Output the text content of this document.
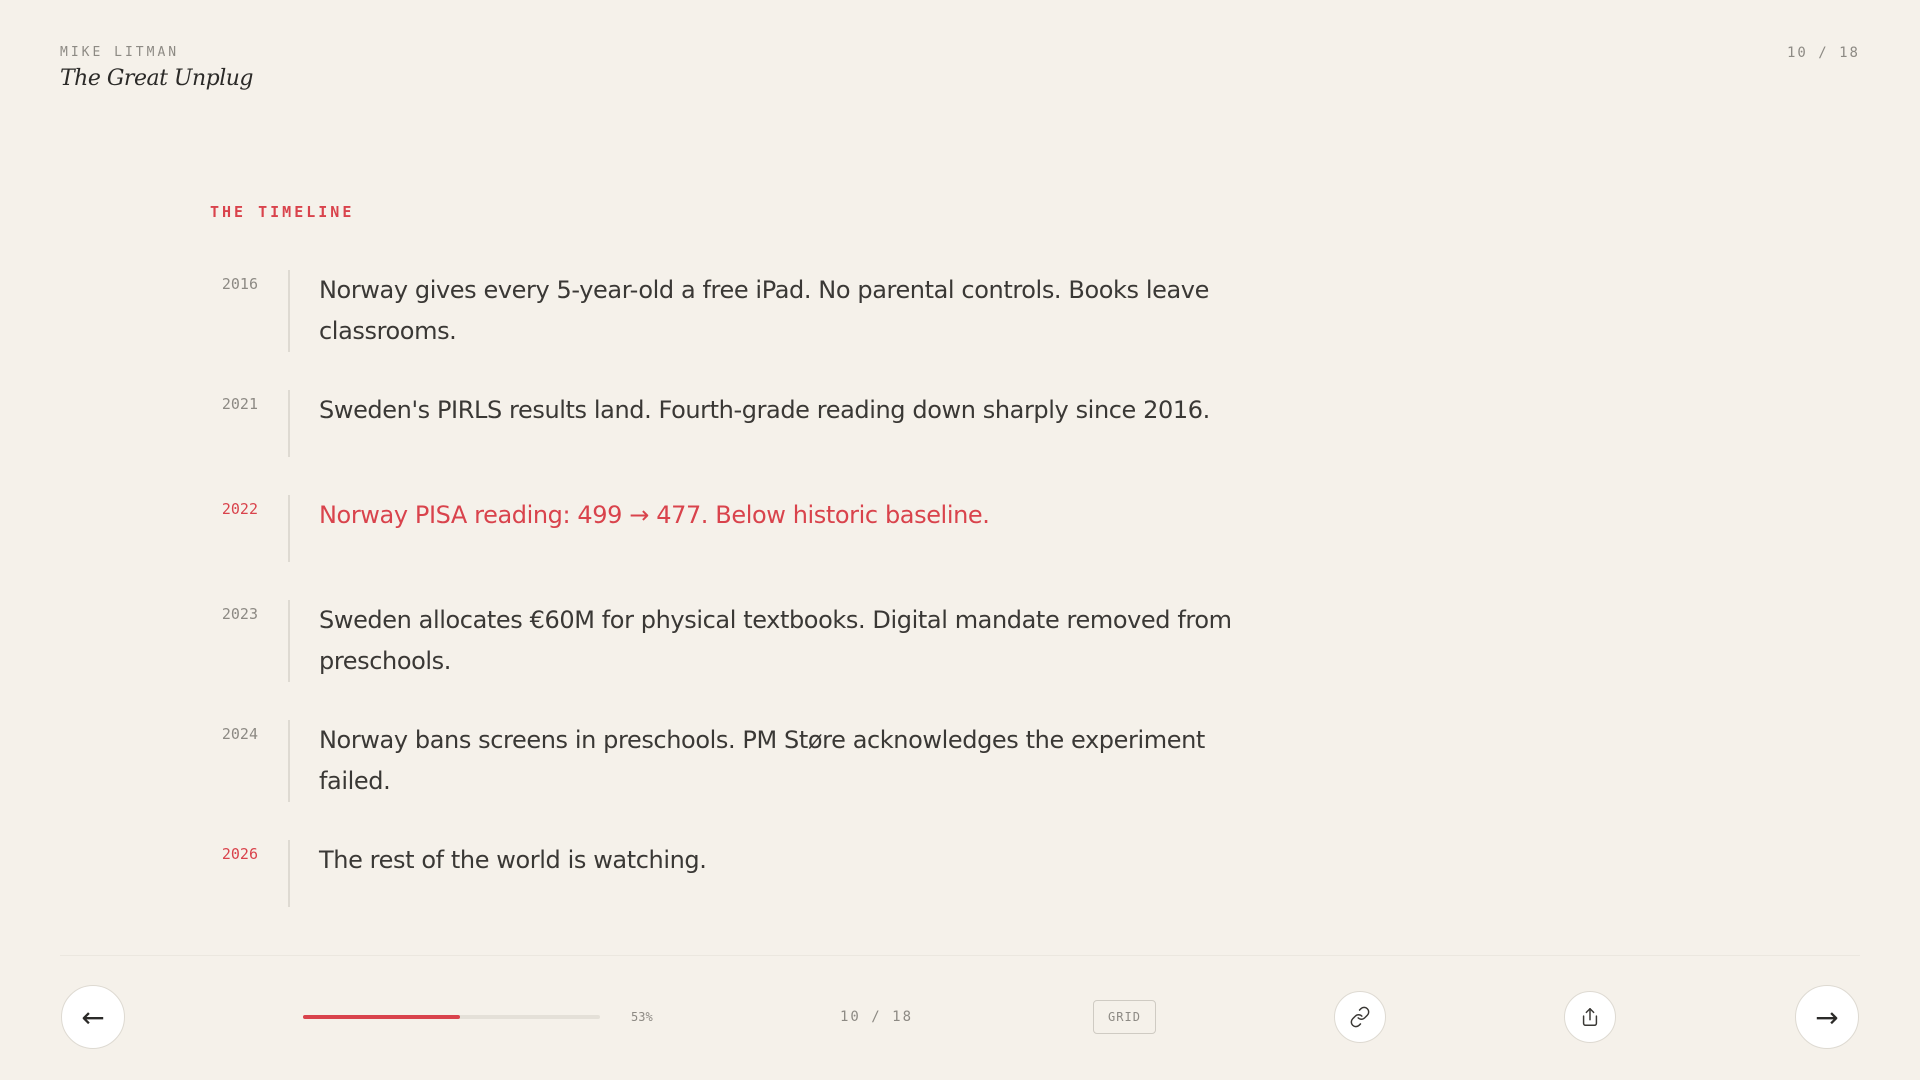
MIKE LITMAN
The Great Unplug
10 / 18
THE TIMELINE
2016	Norway gives every 5-year-old a free iPad. No parental controls. Books leave classrooms.
2021	Sweden's PIRLS results land. Fourth-grade reading down sharply since 2016.
2022	Norway PISA reading: 499 → 477. Below historic baseline.
2023	Sweden allocates €60M for physical textbooks. Digital mandate removed from preschools.
2024	Norway bans screens in preschools. PM Støre acknowledges the experiment failed.
2026	The rest of the world is watching.
←	53%	10 / 18	GRID	→
